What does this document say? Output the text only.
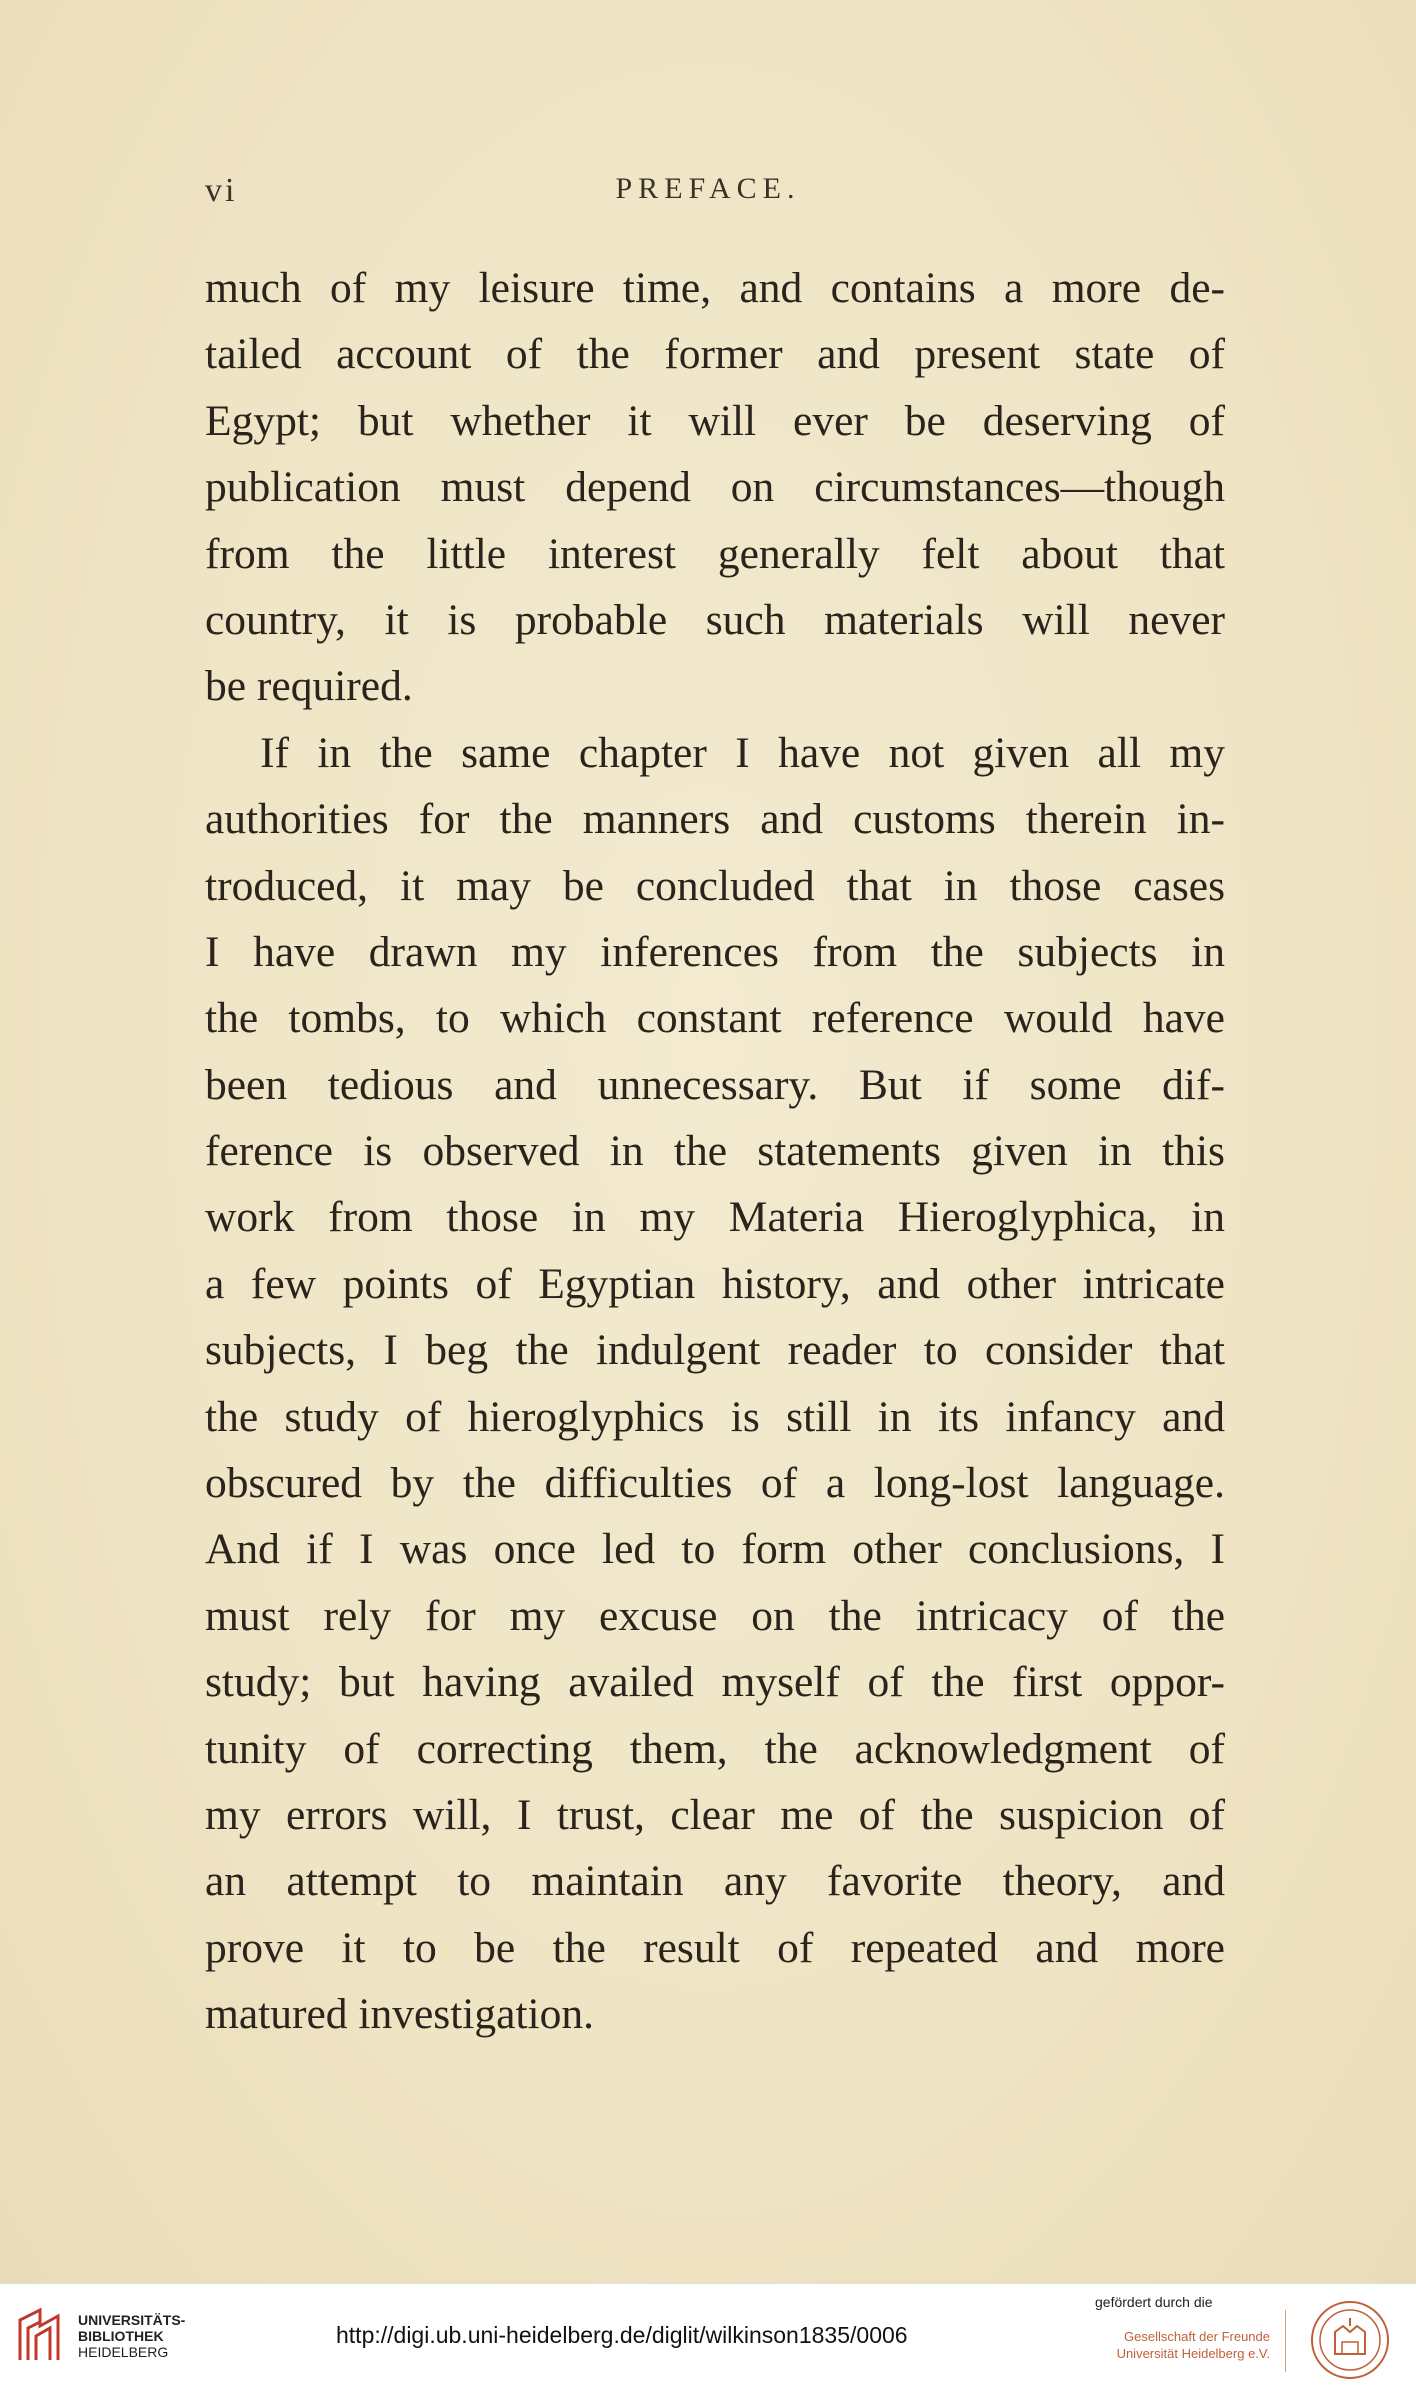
vi	PREFACE.
much of my leisure time, and contains a more de-
tailed account of the former and present state of
Egypt; but whether it will ever be deserving of
publication must depend on circumstances—though
from the little interest generally felt about that
country, it is probable such materials will never
be required.
If in the same chapter I have not given all my
authorities for the manners and customs therein in-
troduced, it may be concluded that in those cases
I have drawn my inferences from the subjects in
the tombs, to which constant reference would have
been tedious and unnecessary. But if some dif-
ference is observed in the statements given in this
work from those in my Materia Hieroglyphica, in
a few points of Egyptian history, and other intricate
subjects, I beg the indulgent reader to consider that
the study of hieroglyphics is still in its infancy and
obscured by the difficulties of a long-lost language.
And if I was once led to form other conclusions, I
must rely for my excuse on the intricacy of the
study; but having availed myself of the first oppor-
tunity of correcting them, the acknowledgment of
my errors will, I trust, clear me of the suspicion of
an attempt to maintain any favorite theory, and
prove it to be the result of repeated and more
matured investigation.
UNIVERSITÄTS-
BIBLIOTHEK
HEIDELBERG
http://digi.ub.uni-heidelberg.de/diglit/wilkinson1835/0006
gefördert durch die
Gesellschaft der Freunde
Universität Heidelberg e.V.
